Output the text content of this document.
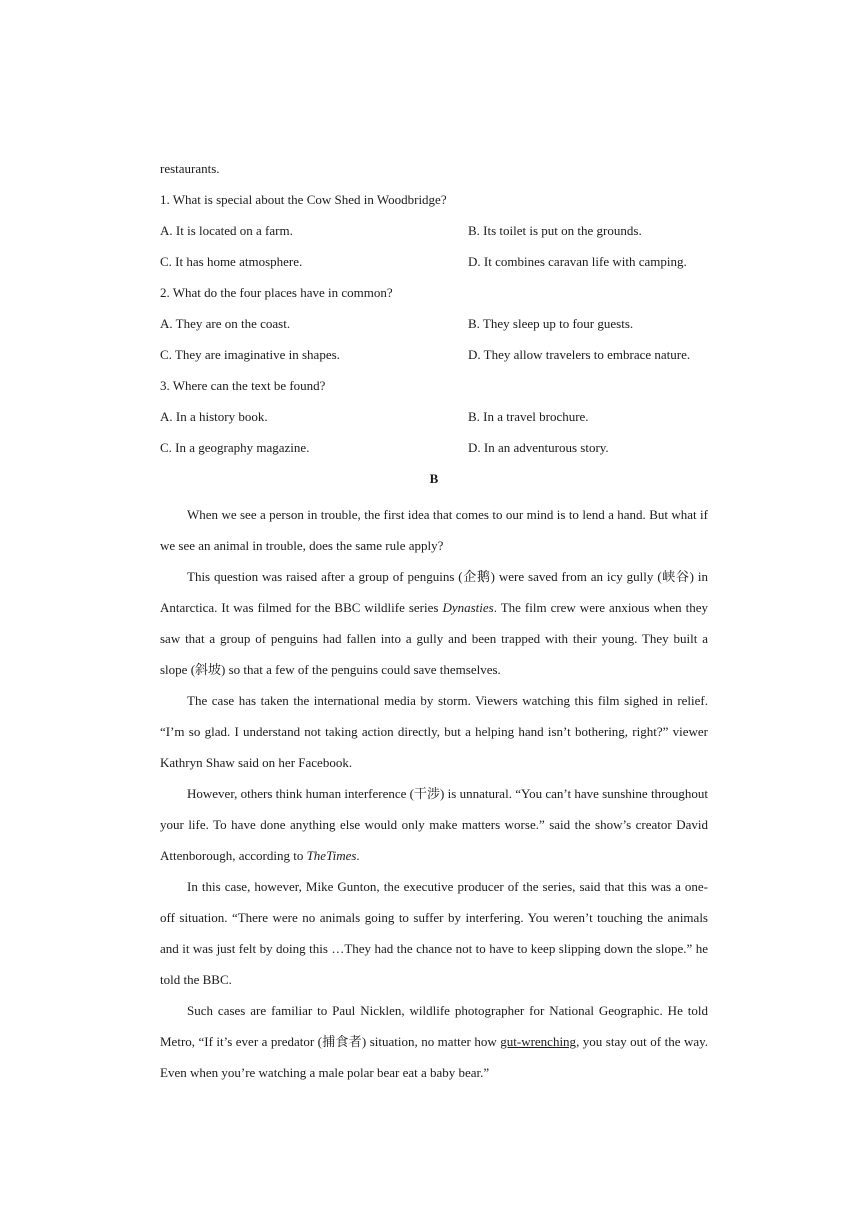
restaurants.
1. What is special about the Cow Shed in Woodbridge?
A. It is located on a farm.	B. Its toilet is put on the grounds.
C. It has home atmosphere.	D. It combines caravan life with camping.
2. What do the four places have in common?
A. They are on the coast.	B. They sleep up to four guests.
C. They are imaginative in shapes.	D. They allow travelers to embrace nature.
3. Where can the text be found?
A. In a history book.	B. In a travel brochure.
C. In a geography magazine.	D. In an adventurous story.
B

When we see a person in trouble, the first idea that comes to our mind is to lend a hand. But what if we see an animal in trouble, does the same rule apply?

This question was raised after a group of penguins (企鹅) were saved from an icy gully (峡谷) in Antarctica. It was filmed for the BBC wildlife series Dynasties. The film crew were anxious when they saw that a group of penguins had fallen into a gully and been trapped with their young. They built a slope (斜坡) so that a few of the penguins could save themselves.

The case has taken the international media by storm. Viewers watching this film sighed in relief. “I’m so glad. I understand not taking action directly, but a helping hand isn’t bothering, right?” viewer Kathryn Shaw said on her Facebook.

However, others think human interference (干涉) is unnatural. “You can’t have sunshine throughout your life. To have done anything else would only make matters worse.” said the show’s creator David Attenborough, according to TheTimes.

In this case, however, Mike Gunton, the executive producer of the series, said that this was a one-off situation. “There were no animals going to suffer by interfering. You weren’t touching the animals and it was just felt by doing this …They had the chance not to have to keep slipping down the slope.” he told the BBC.

Such cases are familiar to Paul Nicklen, wildlife photographer for National Geographic. He told Metro, “If it’s ever a predator (捕食者) situation, no matter how gut-wrenching, you stay out of the way. Even when you’re watching a male polar bear eat a baby bear.”
